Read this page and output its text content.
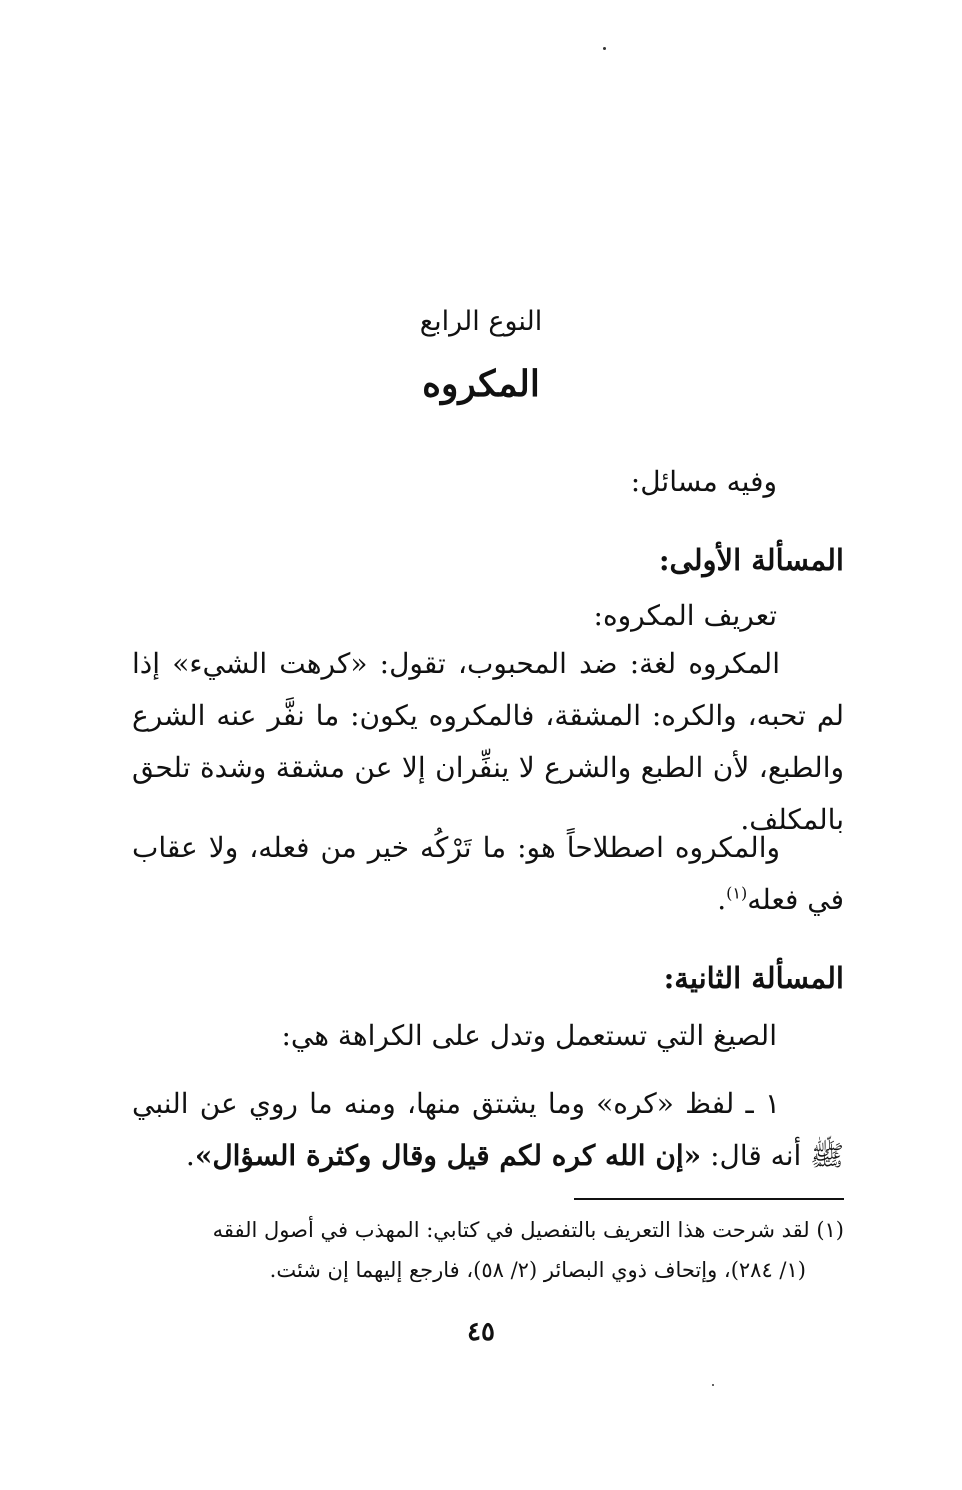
النوع الرابع
المكروه
وفيه مسائل:
المسألة الأولى:
تعريف المكروه:
المكروه لغة: ضد المحبوب، تقول: «كرهت الشيء» إذا لم تحبه، والكره: المشقة، فالمكروه يكون: ما نفَّر عنه الشرع والطبع، لأن الطبع والشرع لا ينفِّران إلا عن مشقة وشدة تلحق بالمكلف.
والمكروه اصطلاحاً هو: ما تَرْكُه خير من فعله، ولا عقاب في فعله$^{(١)}$.
المسألة الثانية:
الصيغ التي تستعمل وتدل على الكراهة هي:
١ ـ لفظ «كره» وما يشتق منها، ومنه ما روي عن النبي ﷺ أنه قال: «إن الله كره لكم قيل وقال وكثرة السؤال».
(١) لقد شرحت هذا التعريف بالتفصيل في كتابي: المهذب في أصول الفقه
(١/ ٢٨٤)، وإتحاف ذوي البصائر (٢/ ٥٨)، فارجع إليهما إن شئت.
٤٥
